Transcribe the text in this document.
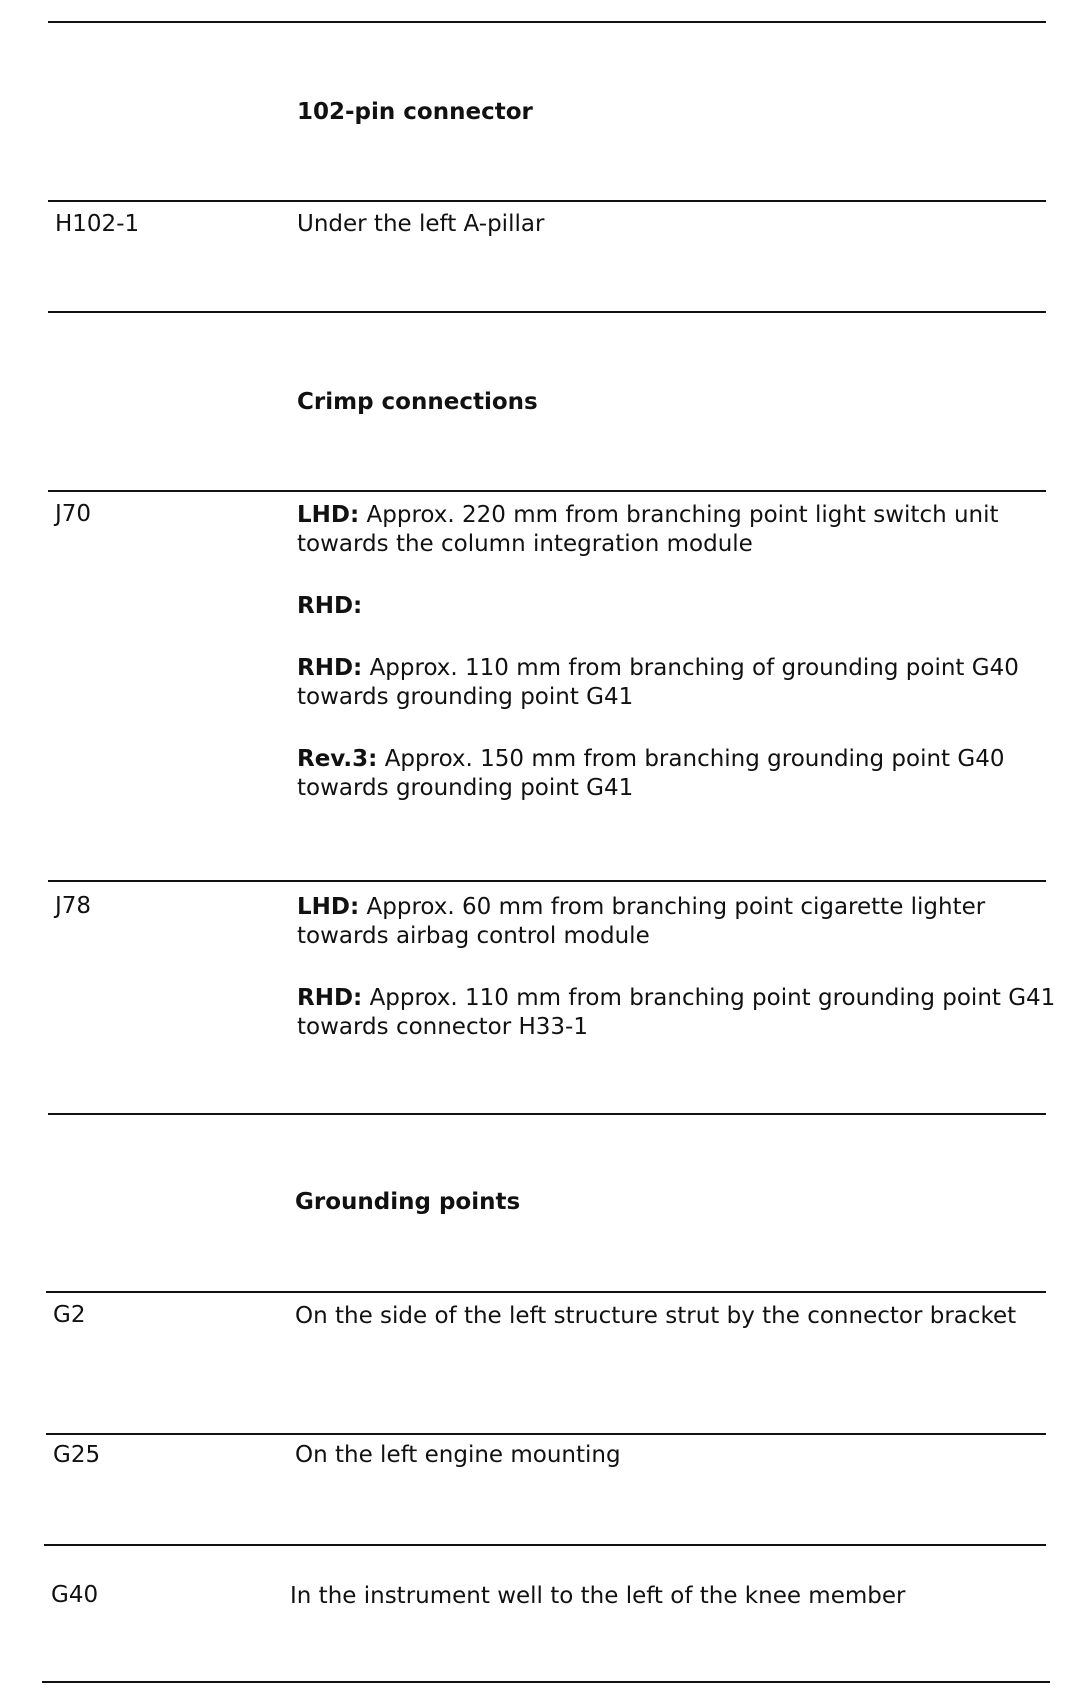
102-pin connector
H102-1	Under the left A-pillar

Crimp connections
J70	LHD: Approx. 220 mm from branching point light switch unit towards the column integration module

RHD:

RHD: Approx. 110 mm from branching of grounding point G40 towards grounding point G41

Rev.3: Approx. 150 mm from branching grounding point G40 towards grounding point G41

J78	LHD: Approx. 60 mm from branching point cigarette lighter towards airbag control module

RHD: Approx. 110 mm from branching point grounding point G41 towards connector H33-1

Grounding points
G2	On the side of the left structure strut by the connector bracket

G25	On the left engine mounting

G40	In the instrument well to the left of the knee member
